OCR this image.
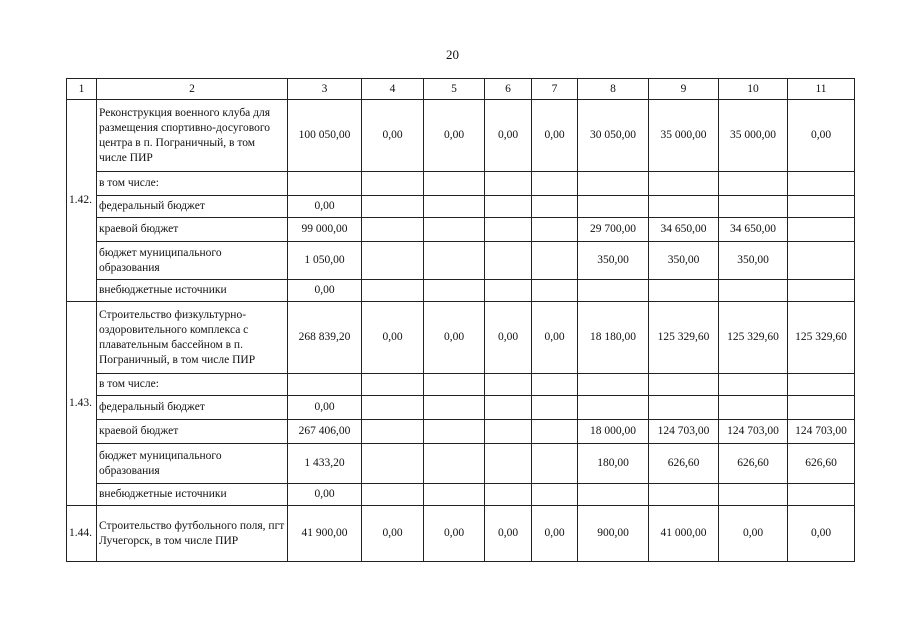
20
1	2	3	4	5	6	7	8	9	10	11
1.42.	Реконструкция военного клуба для размещения спортивно-досугового центра в п. Пограничный, в том числе ПИР	100 050,00	0,00	0,00	0,00	0,00	30 050,00	35 000,00	35 000,00	0,00
	в том числе:									
	федеральный бюджет	0,00								
	краевой бюджет	99 000,00					29 700,00	34 650,00	34 650,00	
	бюджет муниципального образования	1 050,00					350,00	350,00	350,00	
	внебюджетные источники	0,00								
1.43.	Строительство физкультурно-оздоровительного комплекса с плавательным бассейном в п. Пограничный, в том числе ПИР	268 839,20	0,00	0,00	0,00	0,00	18 180,00	125 329,60	125 329,60	125 329,60
	в том числе:									
	федеральный бюджет	0,00								
	краевой бюджет	267 406,00					18 000,00	124 703,00	124 703,00	124 703,00
	бюджет муниципального образования	1 433,20					180,00	626,60	626,60	626,60
	внебюджетные источники	0,00								
1.44.	Строительство футбольного поля, пгт Лучегорск, в том числе ПИР	41 900,00	0,00	0,00	0,00	0,00	900,00	41 000,00	0,00	0,00
